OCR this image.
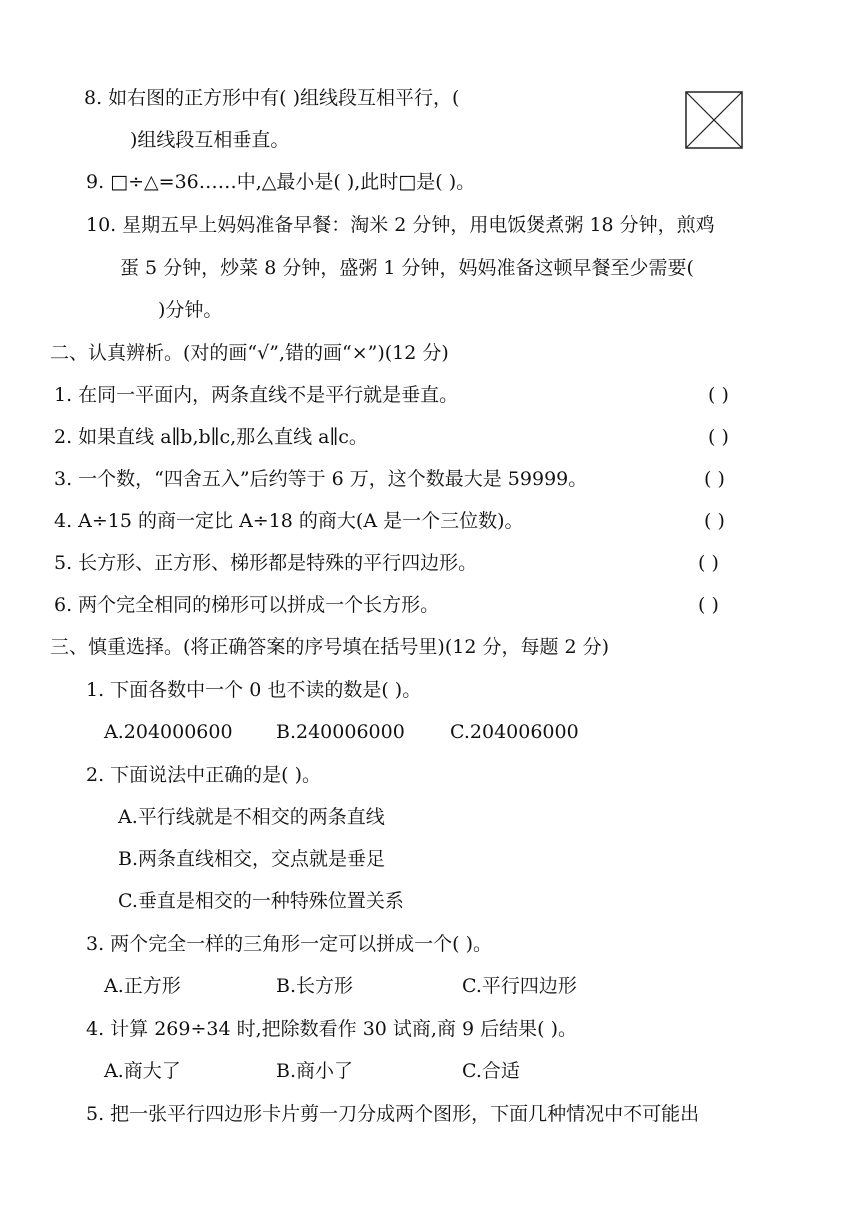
8. 如右图的正方形中有( )组线段互相平行，(
)组线段互相垂直。
9. □÷△=36……中,△最小是( ),此时□是( )。
10. 星期五早上妈妈准备早餐：淘米 2 分钟，用电饭煲煮粥 18 分钟，煎鸡
蛋 5 分钟，炒菜 8 分钟，盛粥 1 分钟，妈妈准备这顿早餐至少需要(
)分钟。
二、认真辨析。(对的画“√”,错的画“×”)(12 分)
1. 在同一平面内，两条直线不是平行就是垂直。	( )
2. 如果直线 a∥b,b∥c,那么直线 a∥c。	( )
3. 一个数，“四舍五入”后约等于 6 万，这个数最大是 59999。	( )
4. A÷15 的商一定比 A÷18 的商大(A 是一个三位数)。	( )
5. 长方形、正方形、梯形都是特殊的平行四边形。	( )
6. 两个完全相同的梯形可以拼成一个长方形。	( )
三、慎重选择。(将正确答案的序号填在括号里)(12 分，每题 2 分)
1. 下面各数中一个 0 也不读的数是( )。
A.204000600 B.240006000 C.204006000
2. 下面说法中正确的是( )。
A.平行线就是不相交的两条直线
B.两条直线相交，交点就是垂足
C.垂直是相交的一种特殊位置关系
3. 两个完全一样的三角形一定可以拼成一个( )。
A.正方形	B.长方形	C.平行四边形
4. 计算 269÷34 时,把除数看作 30 试商,商 9 后结果( )。
A.商大了	B.商小了	C.合适
5. 把一张平行四边形卡片剪一刀分成两个图形，下面几种情况中不可能出
